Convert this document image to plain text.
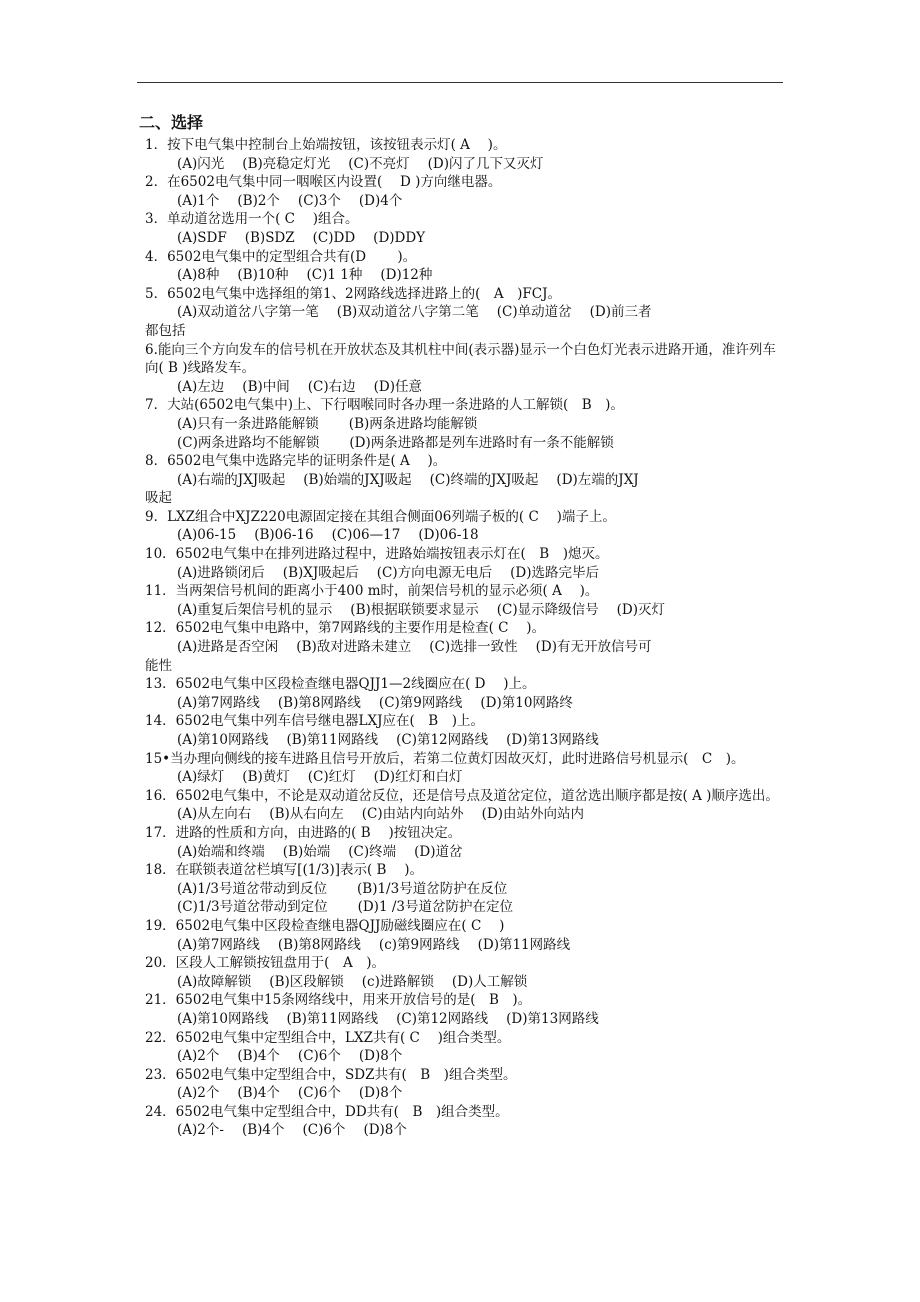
二、选择
1．按下电气集中控制台上始端按钮，该按钮表示灯( A　 )。
(A)闪光 (B)亮稳定灯光 (C)不亮灯 (D)闪了几下又灭灯
2．在6502电气集中同一咽喉区内设置(　 D )方向继电器。
(A)1个 (B)2个 (C)3个 (D)4个
3．单动道岔选用一个( C　 )组合。
(A)SDF (B)SDZ (C)DD (D)DDY
4．6502电气集中的定型组合共有(D　　 )。
(A)8种 (B)10种 (C)1 1种 (D)12种
5．6502电气集中选择组的第1、2网路线选择进路上的(　A　)FCJ。
(A)双动道岔八字第一笔 (B)双动道岔八字第二笔 (C)单动道岔 (D)前三者
都包括
6.能向三个方向发车的信号机在开放状态及其机柱中间(表示器)显示一个白色灯光表示进路开通，准许列车向( B )线路发车。
(A)左边 (B)中间 (C)右边 (D)任意
7．大站(6502电气集中)上、下行咽喉同时各办理一条进路的人工解锁(　B　)。
(A)只有一条进路能解锁 (B)两条进路均能解锁
(C)两条进路均不能解锁 (D)两条进路都是列车进路时有一条不能解锁
8．6502电气集中选路完毕的证明条件是( A　 )。
(A)右端的JXJ吸起 (B)始端的JXJ吸起 (C)终端的JXJ吸起 (D)左端的JXJ
吸起
9．LXZ组合中XJZ220电源固定接在其组合侧面06列端子板的( C　 )端子上。
(A)06-15 (B)06-16 (C)06—17 (D)06-18
10．6502电气集中在排列进路过程中，进路始端按钮表示灯在(　B　)熄灭。
(A)进路锁闭后 (B)XJ吸起后 (C)方向电源无电后 (D)选路完毕后
11．当两架信号机间的距离小于400 m时，前架信号机的显示必须( A　 )。
(A)重复后架信号机的显示 (B)根据联锁要求显示 (C)显示降级信号 (D)灭灯
12．6502电气集中电路中，第7网路线的主要作用是检查( C　 )。
(A)进路是否空闲 (B)敌对进路未建立 (C)选排一致性 (D)有无开放信号可
能性
13．6502电气集中区段检查继电器QJJ1—2线圈应在( D　 )上。
(A)第7网路线 (B)第8网路线 (C)第9网路线 (D)第10网路终
14．6502电气集中列车信号继电器LXJ应在(　B　)上。
(A)第10网路线 (B)第11网路线 (C)第12网路线 (D)第13网路线
15•当办理向侧线的接车进路且信号开放后，若第二位黄灯因故灭灯，此时进路信号机显示(　C　)。
(A)绿灯 (B)黄灯 (C)红灯 (D)红灯和白灯
16．6502电气集中，不论是双动道岔反位，还是信号点及道岔定位，道岔选出顺序都是按( A )顺序选出。
(A)从左向右 (B)从右向左 (C)由站内向站外 (D)由站外向站内
17．进路的性质和方向，由进路的( B　 )按钮决定。
(A)始端和终端 (B)始端 (C)终端 (D)道岔
18．在联锁表道岔栏填写[(1/3)]表示( B　 )。
(A)1/3号道岔带动到反位 (B)1/3号道岔防护在反位
(C)1/3号道岔带动到定位 (D)1 /3号道岔防护在定位
19．6502电气集中区段检查继电器QJJ励磁线圈应在( C　 )
(A)第7网路线 (B)第8网路线 (c)第9网路线 (D)第11网路线
20．区段人工解锁按钮盘用于(　A　)。
(A)故障解锁 (B)区段解锁 (c)进路解锁 (D)人工解锁
21．6502电气集中15条网络线中，用来开放信号的是(　B　)。
(A)第10网路线 (B)第11网路线 (C)第12网路线 (D)第13网路线
22．6502电气集中定型组合中，LXZ共有( C　 )组合类型。
(A)2个 (B)4个 (C)6个 (D)8个
23．6502电气集中定型组合中，SDZ共有(　B　)组合类型。
(A)2个 (B)4个 (C)6个 (D)8个
24．6502电气集中定型组合中，DD共有(　B　)组合类型。
(A)2个- (B)4个 (C)6个 (D)8个
